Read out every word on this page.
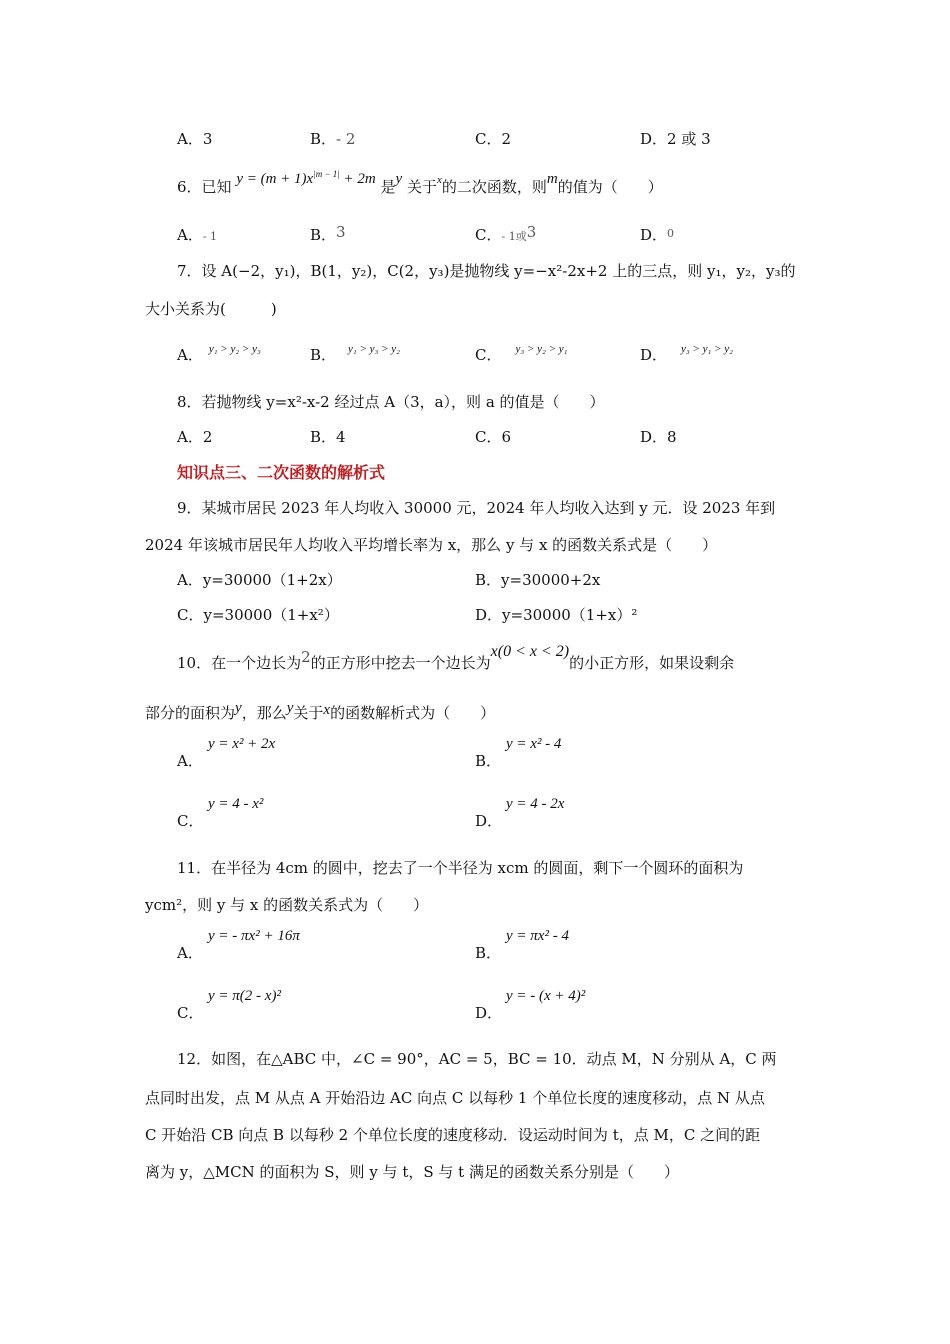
A．3	B．- 2	C．2	D．2 或 3
6．已知 $y = (m + 1)x^{|m - 1|} + 2m$ 是y 关于$^x$的二次函数，则m的值为（　　）
A．- 1	B．3	C．- 1或3	D．$^0$
7．设 A(−2，y₁)，B(1，y₂)，C(2，y₃)是抛物线 y=−x²-2x+2 上的三点，则 y₁，y₂，y₃的
大小关系为(　　　)
A． $^{y_1 > y_2 > y_3}$	B． $^{y_1 > y_3 > y_2}$	C． $^{y_3 > y_2 > y_1}$	D． $^{y_3 > y_1 > y_2}$
8．若抛物线 y=x²-x-2 经过点 A（3，a），则 a 的值是（　　）
A．2	B．4	C．6	D．8
知识点三、二次函数的解析式
9．某城市居民 2023 年人均收入 30000 元，2024 年人均收入达到 y 元．设 2023 年到
2024 年该城市居民年人均收入平均增长率为 x，那么 y 与 x 的函数关系式是（　　）
A．y=30000（1+2x）	B．y=30000+2x
C．y=30000（1+x²）	D．y=30000（1+x）²
10．在一个边长为2的正方形中挖去一个边长为x(0 < x < 2)的小正方形，如果设剩余
部分的面积为y，那么y关于x的函数解析式为（　　）
A．
y = x² + 2x
B．
y = x² - 4
C．
y = 4 - x²
D．
y = 4 - 2x
11．在半径为 4cm 的圆中，挖去了一个半径为 xcm 的圆面，剩下一个圆环的面积为
ycm²，则 y 与 x 的函数关系式为（　　）
A．
y = - πx² + 16π
B．
y = πx² - 4
C．
y = π(2 - x)²
D．
y = - (x + 4)²
12．如图，在△ABC 中，∠C = 90°，AC = 5，BC = 10．动点 M，N 分别从 A，C 两
点同时出发，点 M 从点 A 开始沿边 AC 向点 C 以每秒 1 个单位长度的速度移动，点 N 从点
C 开始沿 CB 向点 B 以每秒 2 个单位长度的速度移动．设运动时间为 t，点 M，C 之间的距
离为 y，△MCN 的面积为 S，则 y 与 t，S 与 t 满足的函数关系分别是（　　）
